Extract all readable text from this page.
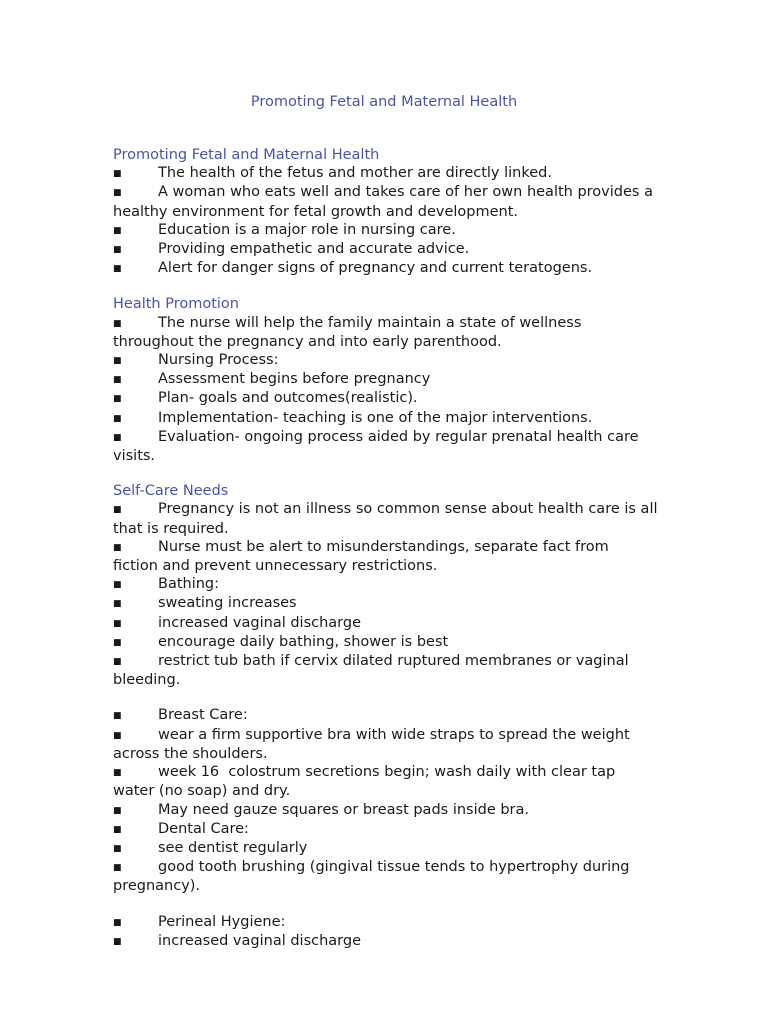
Promoting Fetal and Maternal Health
Promoting Fetal and Maternal Health
■	The health of the fetus and mother are directly linked.
■	A woman who eats well and takes care of her own health provides a healthy environment for fetal growth and development.
■	Education is a major role in nursing care.
■	Providing empathetic and accurate advice.
■	Alert for danger signs of pregnancy and current teratogens.
Health Promotion
■	The nurse will help the family maintain a state of wellness throughout the pregnancy and into early parenthood.
■	Nursing Process:
■	Assessment begins before pregnancy
■	Plan- goals and outcomes(realistic).
■	Implementation- teaching is one of the major interventions.
■	Evaluation- ongoing process aided by regular prenatal health care visits.
Self-Care Needs
■	Pregnancy is not an illness so common sense about health care is all that is required.
■	Nurse must be alert to misunderstandings, separate fact from fiction and prevent unnecessary restrictions.
■	Bathing:
■	sweating increases
■	increased vaginal discharge
■	encourage daily bathing, shower is best
■	restrict tub bath if cervix dilated ruptured membranes or vaginal bleeding.
■	Breast Care:
■	wear a firm supportive bra with wide straps to spread the weight across the shoulders.
■	week 16  colostrum secretions begin; wash daily with clear tap water (no soap) and dry.
■	May need gauze squares or breast pads inside bra.
■	Dental Care:
■	see dentist regularly
■	good tooth brushing (gingival tissue tends to hypertrophy during pregnancy).
■	Perineal Hygiene:
■	increased vaginal discharge
